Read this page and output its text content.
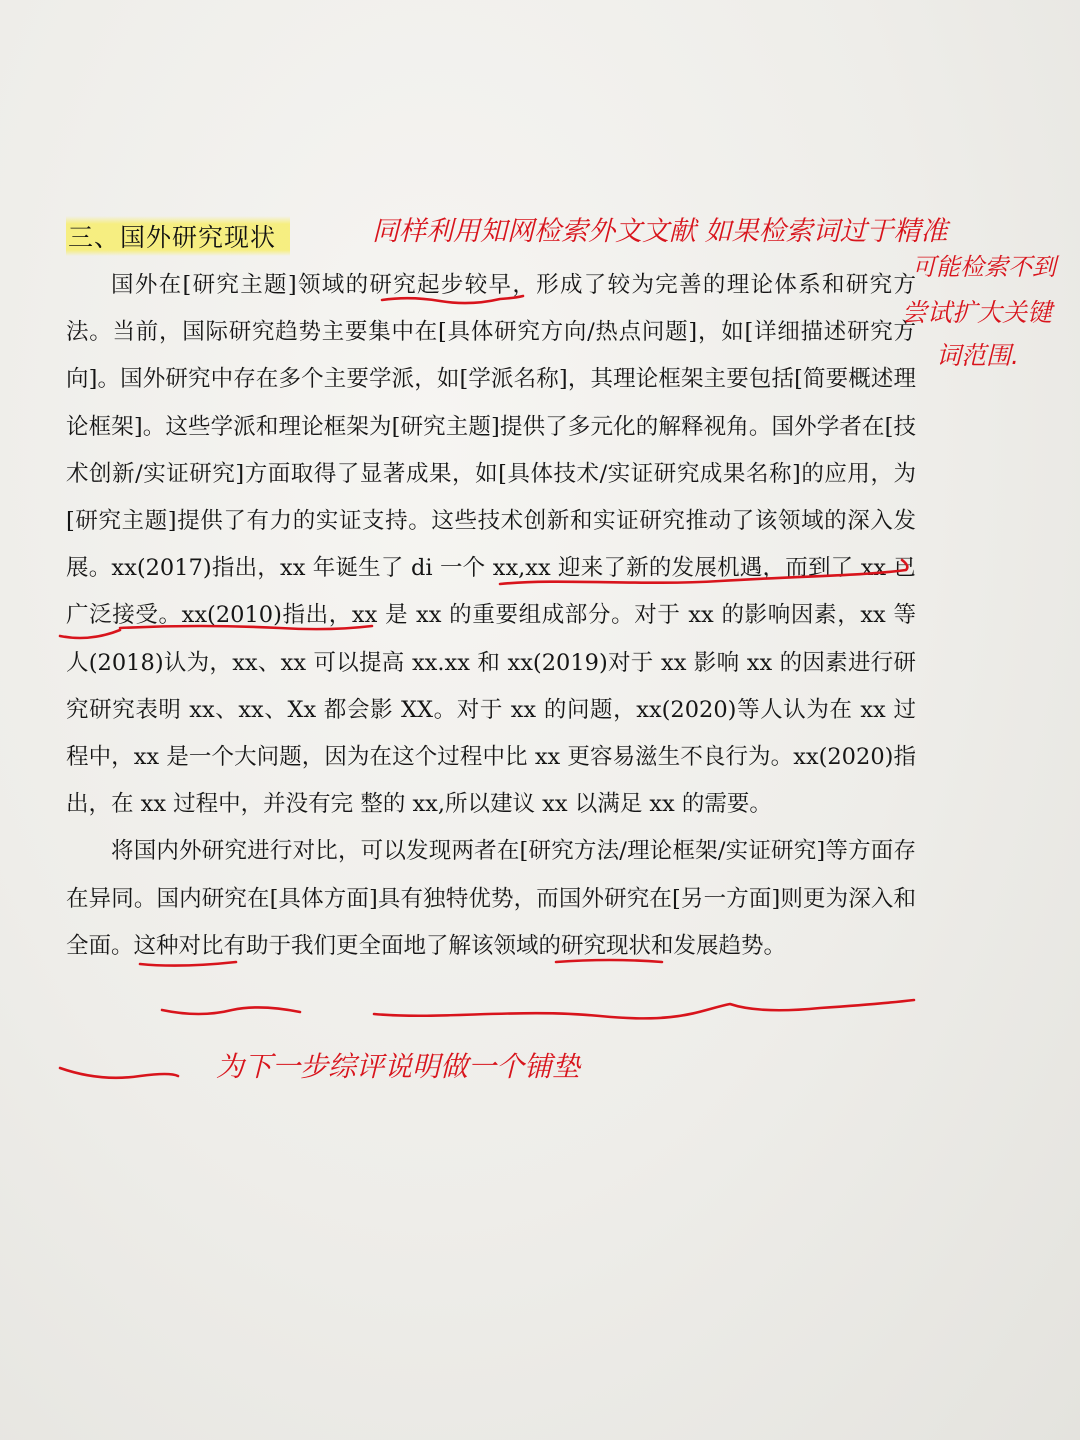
三、国外研究现状

国外在[研究主题]领域的研究起步较早，形成了较为完善的理论体系和研究方法。当前，国际研究趋势主要集中在[具体研究方向/热点问题]，如[详细描述研究方向]。国外研究中存在多个主要学派，如[学派名称]，其理论框架主要包括[简要概述理论框架]。这些学派和理论框架为[研究主题]提供了多元化的解释视角。国外学者在[技术创新/实证研究]方面取得了显著成果，如[具体技术/实证研究成果名称]的应用，为[研究主题]提供了有力的实证支持。这些技术创新和实证研究推动了该领域的深入发展。xx(2017)指出，xx 年诞生了 di 一个 xx,xx 迎来了新的发展机遇，而到了 xx 已广泛接受。xx(2010)指出，xx 是 xx 的重要组成部分。对于 xx 的影响因素，xx 等人(2018)认为，xx、xx 可以提高 xx.xx 和 xx(2019)对于 xx 影响 xx 的因素进行研究研究表明 xx、xx、Xx 都会影 XX。对于 xx 的问题，xx(2020)等人认为在 xx 过程中，xx 是一个大问题，因为在这个过程中比 xx 更容易滋生不良行为。xx(2020)指出，在 xx 过程中，并没有完 整的 xx,所以建议 xx 以满足 xx 的需要。

将国内外研究进行对比，可以发现两者在[研究方法/理论框架/实证研究]等方面存在异同。国内研究在[具体方面]具有独特优势，而国外研究在[另一方面]则更为深入和全面。这种对比有助于我们更全面地了解该领域的研究现状和发展趋势。

同样利用知网检索外文文献 如果检索词过于精准
可能检索不到
尝试扩大关键
词范围.
为下一步综评说明做一个铺垫
